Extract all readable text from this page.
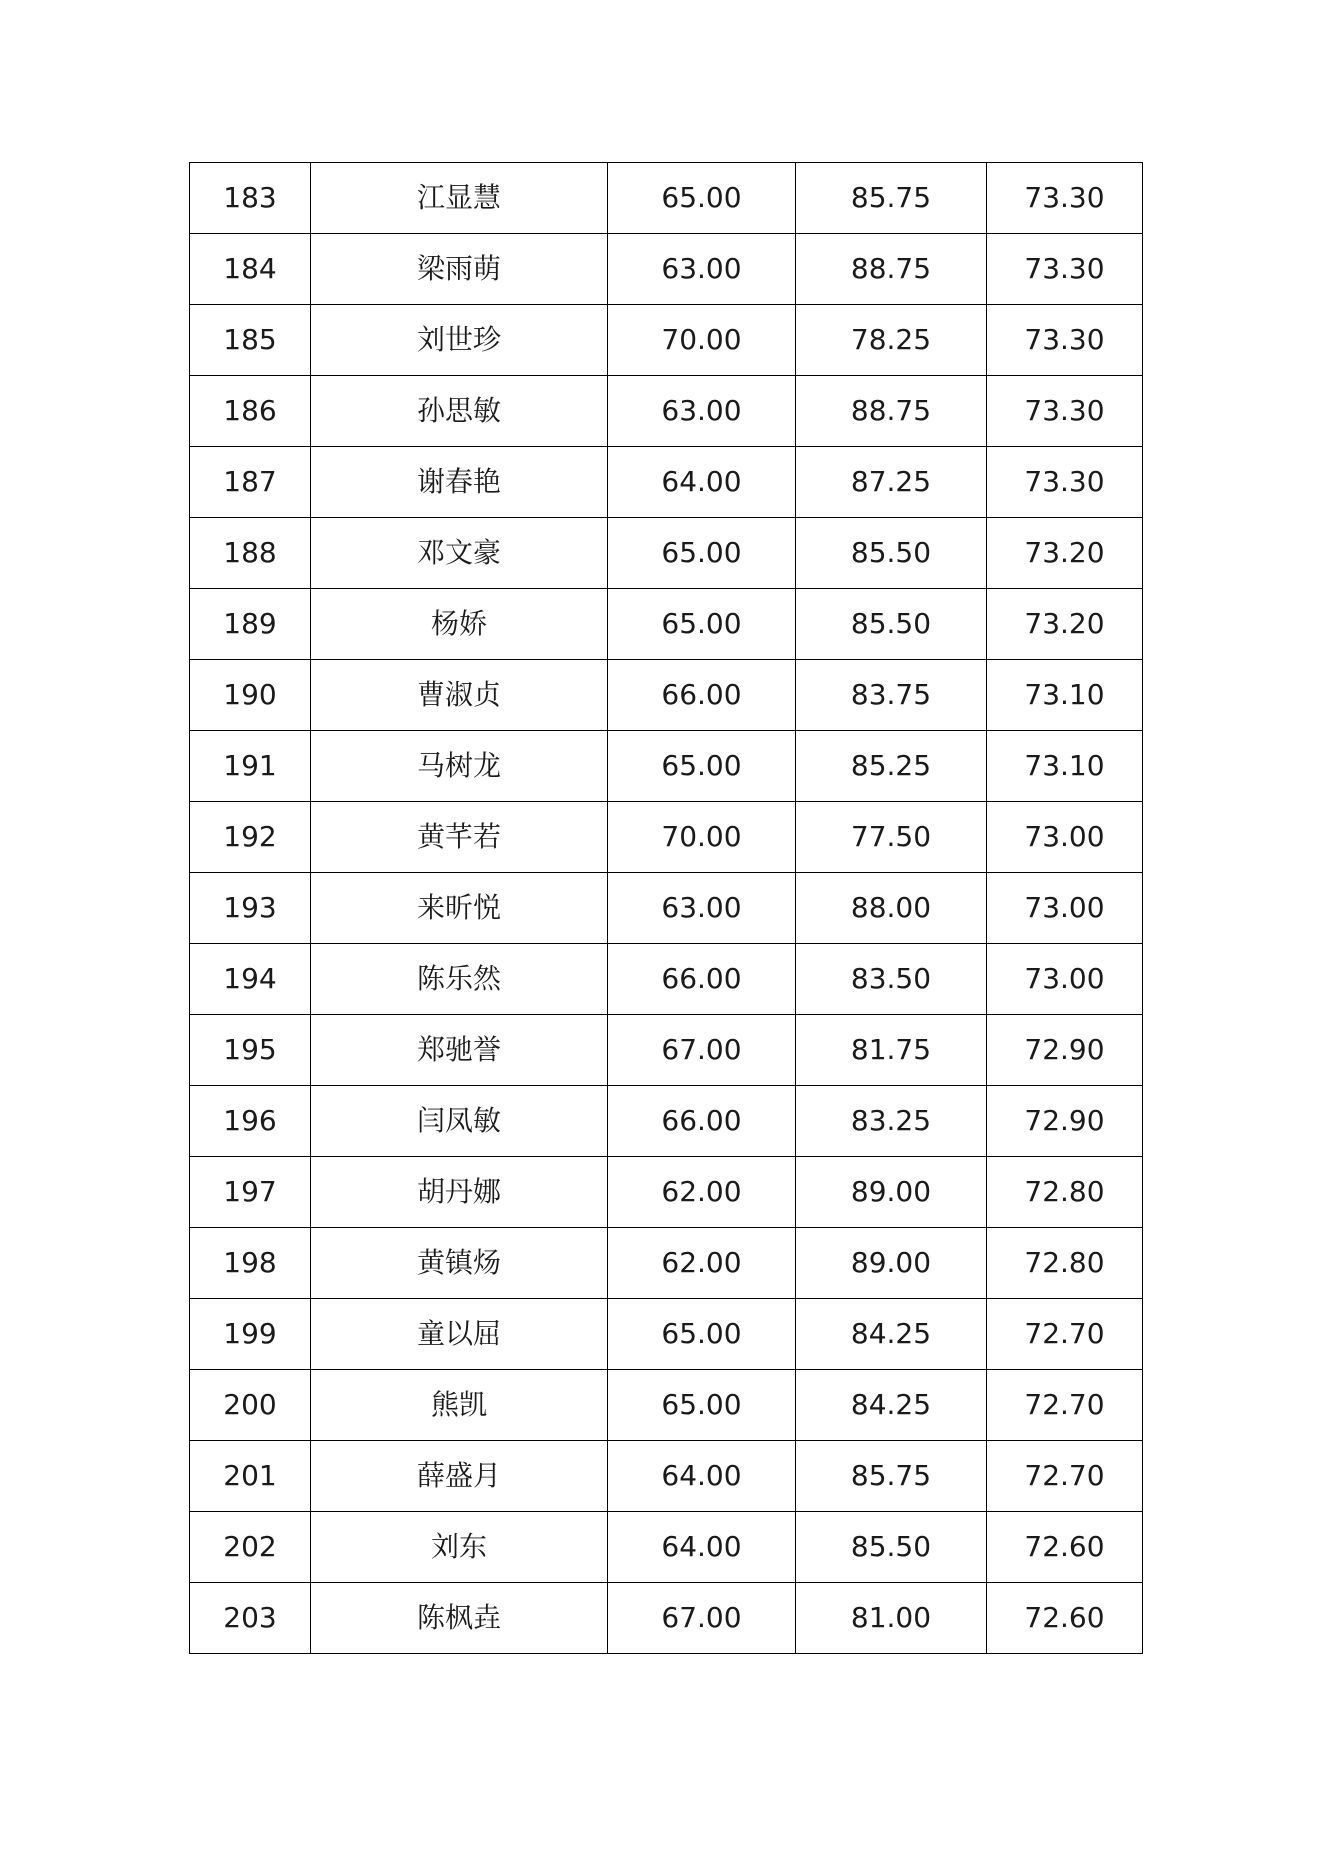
183	江显慧	65.00	85.75	73.30
184	梁雨萌	63.00	88.75	73.30
185	刘世珍	70.00	78.25	73.30
186	孙思敏	63.00	88.75	73.30
187	谢春艳	64.00	87.25	73.30
188	邓文豪	65.00	85.50	73.20
189	杨娇	65.00	85.50	73.20
190	曹淑贞	66.00	83.75	73.10
191	马树龙	65.00	85.25	73.10
192	黄芊若	70.00	77.50	73.00
193	来昕悦	63.00	88.00	73.00
194	陈乐然	66.00	83.50	73.00
195	郑驰誉	67.00	81.75	72.90
196	闫凤敏	66.00	83.25	72.90
197	胡丹娜	62.00	89.00	72.80
198	黄镇炀	62.00	89.00	72.80
199	童以屈	65.00	84.25	72.70
200	熊凯	65.00	84.25	72.70
201	薛盛月	64.00	85.75	72.70
202	刘东	64.00	85.50	72.60
203	陈枫垚	67.00	81.00	72.60
